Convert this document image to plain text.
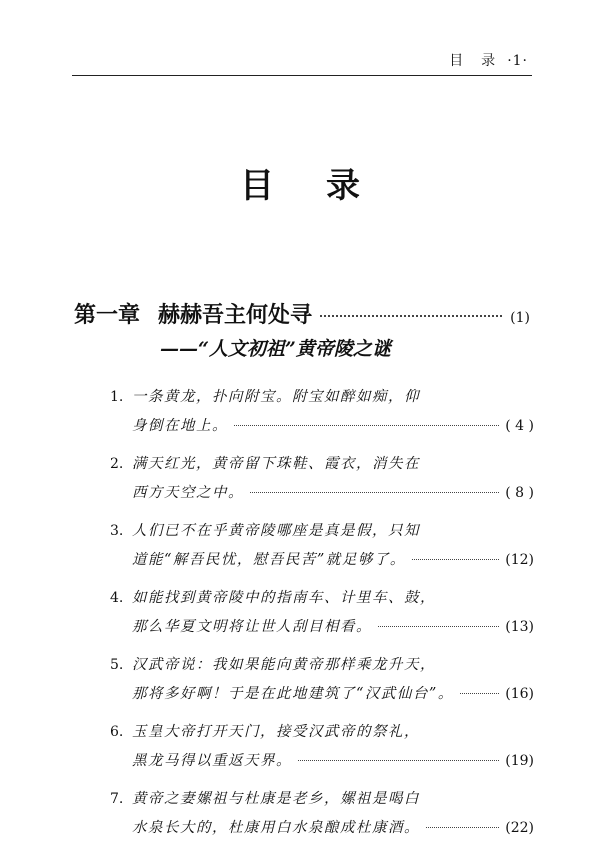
目　录 ·1·
目录
第一章 赫赫吾主何处寻	(1)
——“人文初祖”黄帝陵之谜
1. 一条黄龙，扑向附宝。附宝如醉如痴，仰
身倒在地上。	( 4 )
2. 满天红光，黄帝留下珠鞋、霞衣，消失在
西方天空之中。	( 8 )
3. 人们已不在乎黄帝陵哪座是真是假，只知
道能“解吾民忧，慰吾民苦”就足够了。	(12)
4. 如能找到黄帝陵中的指南车、计里车、鼓，
那么华夏文明将让世人刮目相看。	(13)
5. 汉武帝说：我如果能向黄帝那样乘龙升天，
那将多好啊！于是在此地建筑了“汉武仙台”。	(16)
6. 玉皇大帝打开天门，接受汉武帝的祭礼，
黑龙马得以重返天界。	(19)
7. 黄帝之妻嫘祖与杜康是老乡，嫘祖是喝白
水泉长大的，杜康用白水泉酿成杜康酒。	(22)
